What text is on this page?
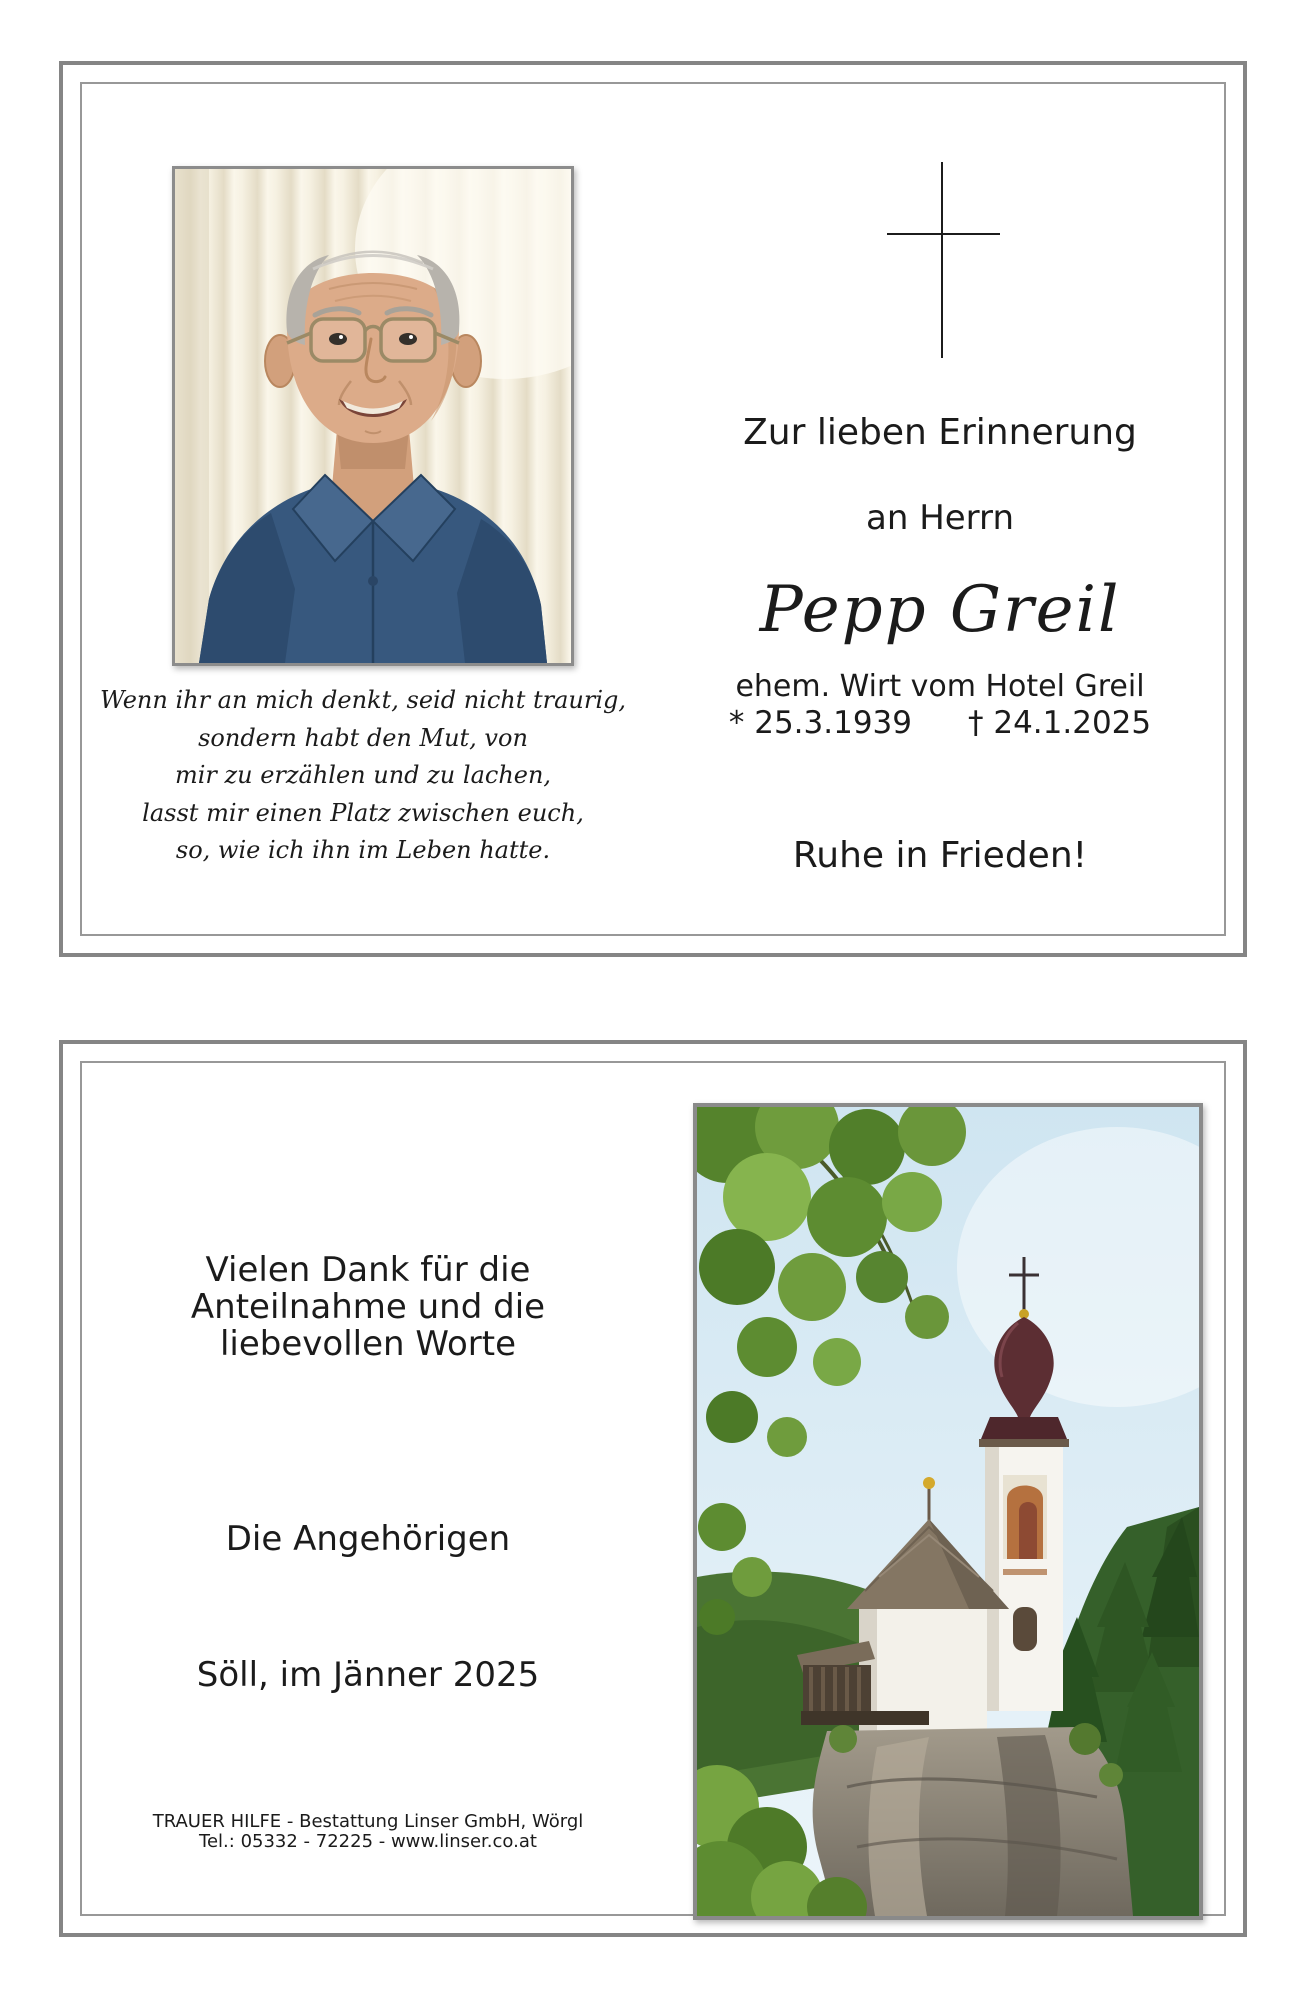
Zur lieben Erinnerung
an Herrn
Pepp Greil
ehem. Wirt vom Hotel Greil
* 25.3.1939 † 24.1.2025
Ruhe in Frieden!
Wenn ihr an mich denkt, seid nicht traurig,
sondern habt den Mut, von
mir zu erzählen und zu lachen,
lasst mir einen Platz zwischen euch,
so, wie ich ihn im Leben hatte.
Vielen Dank für die
Anteilnahme und die
liebevollen Worte
Die Angehörigen
Söll, im Jänner 2025
TRAUER HILFE - Bestattung Linser GmbH, Wörgl
Tel.: 05332 - 72225 - www.linser.co.at
